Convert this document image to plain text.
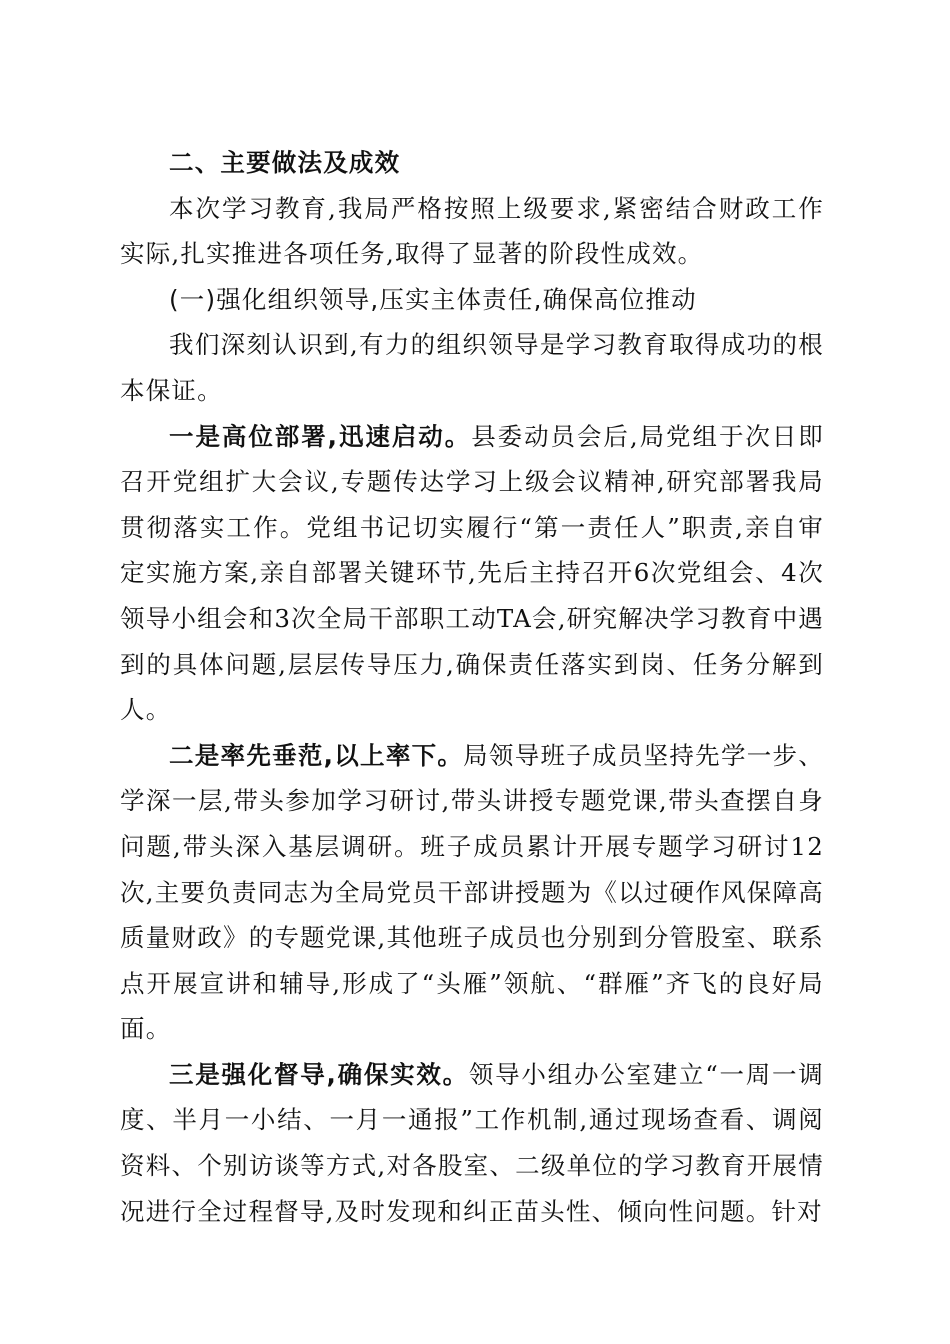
二、主要做法及成效

本次学习教育,我局严格按照上级要求,紧密结合财政工作实际,扎实推进各项任务,取得了显著的阶段性成效。

(一)强化组织领导,压实主体责任,确保高位推动

我们深刻认识到,有力的组织领导是学习教育取得成功的根本保证。

一是高位部署,迅速启动。县委动员会后,局党组于次日即召开党组扩大会议,专题传达学习上级会议精神,研究部署我局贯彻落实工作。党组书记切实履行“第一责任人”职责,亲自审定实施方案,亲自部署关键环节,先后主持召开6次党组会、4次领导小组会和3次全局干部职工动TA会,研究解决学习教育中遇到的具体问题,层层传导压力,确保责任落实到岗、任务分解到人。

二是率先垂范,以上率下。局领导班子成员坚持先学一步、学深一层,带头参加学习研讨,带头讲授专题党课,带头查摆自身问题,带头深入基层调研。班子成员累计开展专题学习研讨12次,主要负责同志为全局党员干部讲授题为《以过硬作风保障高质量财政》的专题党课,其他班子成员也分别到分管股室、联系点开展宣讲和辅导,形成了“头雁”领航、“群雁”齐飞的良好局面。

三是强化督导,确保实效。领导小组办公室建立“一周一调度、半月一小结、一月一通报”工作机制,通过现场查看、调阅资料、个别访谈等方式,对各股室、二级单位的学习教育开展情况进行全过程督导,及时发现和纠正苗头性、倾向性问题。针对
